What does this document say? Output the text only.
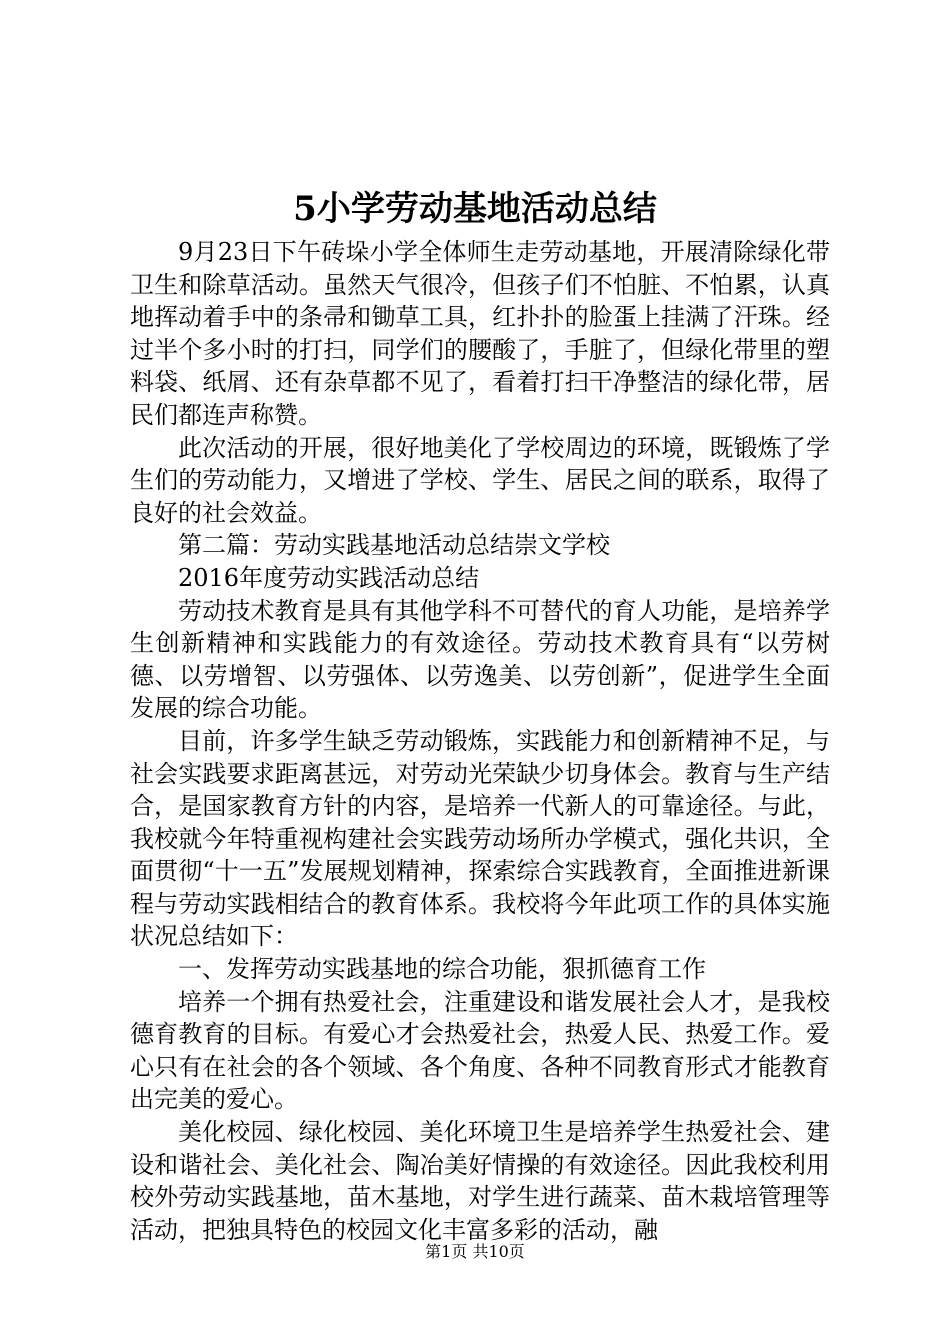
5小学劳动基地活动总结

9月23日下午砖垛小学全体师生走劳动基地，开展清除绿化带卫生和除草活动。虽然天气很冷，但孩子们不怕脏、不怕累，认真地挥动着手中的条帚和锄草工具，红扑扑的脸蛋上挂满了汗珠。经过半个多小时的打扫，同学们的腰酸了，手脏了，但绿化带里的塑料袋、纸屑、还有杂草都不见了，看着打扫干净整洁的绿化带，居民们都连声称赞。

此次活动的开展，很好地美化了学校周边的环境，既锻炼了学生们的劳动能力，又增进了学校、学生、居民之间的联系，取得了良好的社会效益。

第二篇：劳动实践基地活动总结崇文学校

2016年度劳动实践活动总结

劳动技术教育是具有其他学科不可替代的育人功能，是培养学生创新精神和实践能力的有效途径。劳动技术教育具有“以劳树德、以劳增智、以劳强体、以劳逸美、以劳创新”，促进学生全面发展的综合功能。

目前，许多学生缺乏劳动锻炼，实践能力和创新精神不足，与社会实践要求距离甚远，对劳动光荣缺少切身体会。教育与生产结合，是国家教育方针的内容，是培养一代新人的可靠途径。与此，我校就今年特重视构建社会实践劳动场所办学模式，强化共识，全面贯彻“十一五”发展规划精神，探索综合实践教育，全面推进新课程与劳动实践相结合的教育体系。我校将今年此项工作的具体实施状况总结如下：

一、发挥劳动实践基地的综合功能，狠抓德育工作

培养一个拥有热爱社会，注重建设和谐发展社会人才，是我校德育教育的目标。有爱心才会热爱社会，热爱人民、热爱工作。爱心只有在社会的各个领域、各个角度、各种不同教育形式才能教育出完美的爱心。

美化校园、绿化校园、美化环境卫生是培养学生热爱社会、建设和谐社会、美化社会、陶冶美好情操的有效途径。因此我校利用校外劳动实践基地，苗木基地，对学生进行蔬菜、苗木栽培管理等活动，把独具特色的校园文化丰富多彩的活动，融

第1页 共10页
